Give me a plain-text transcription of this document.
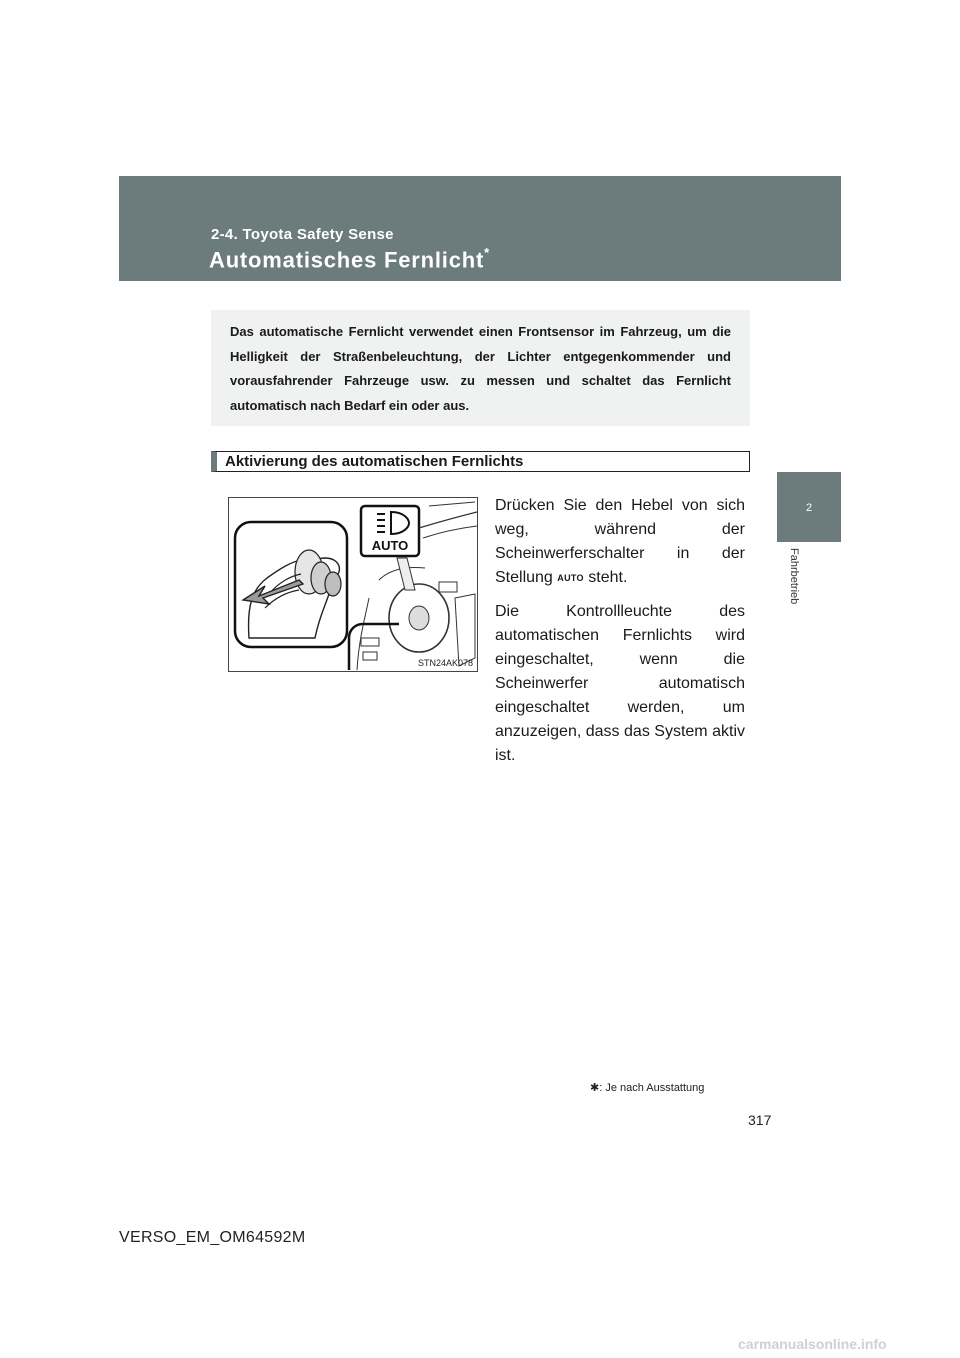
2-4. Toyota Safety Sense
Automatisches Fernlicht*
2
Fahrbetrieb
Das automatische Fernlicht verwendet einen Frontsensor im Fahrzeug, um die Helligkeit der Straßenbeleuchtung, der Lichter entgegenkommender und vorausfahrender Fahrzeuge usw. zu messen und schaltet das Fernlicht automatisch nach Bedarf ein oder aus.
Aktivierung des automatischen Fernlichts
AUTO
STN24AK078

Drücken Sie den Hebel von sich weg, während der Scheinwerferschalter in der Stellung AUTO steht.

Die Kontrollleuchte des automatischen Fernlichts wird eingeschaltet, wenn die Scheinwerfer automatisch eingeschaltet werden, um anzuzeigen, dass das System aktiv ist.

✱: Je nach Ausstattung
317
VERSO_EM_OM64592M
carmanualsonline.info
